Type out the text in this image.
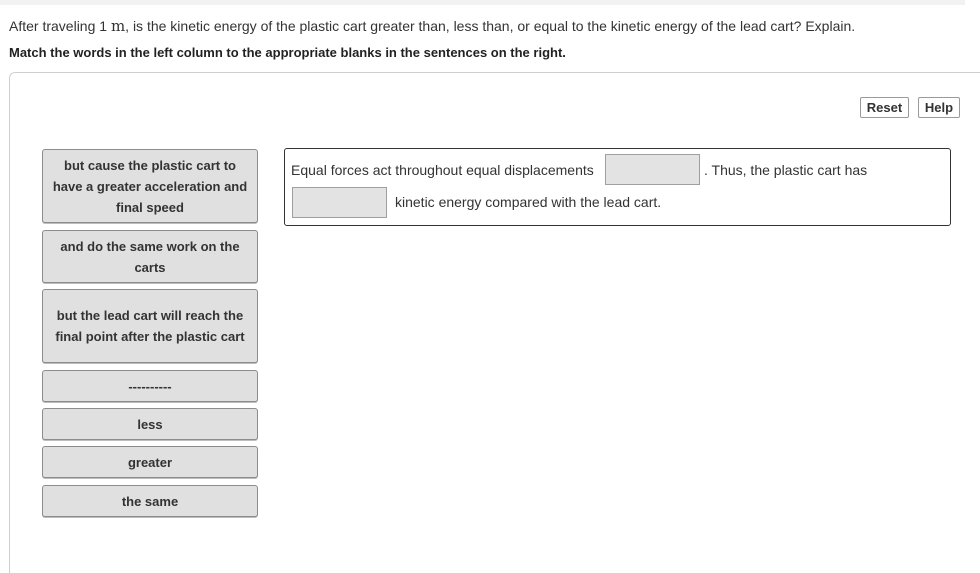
After traveling 1 m, is the kinetic energy of the plastic cart greater than, less than, or equal to the kinetic energy of the lead cart? Explain.
Match the words in the left column to the appropriate blanks in the sentences on the right.
Reset	Help
but cause the plastic cart to have a greater acceleration and final speed
and do the same work on the carts
but the lead cart will reach the final point after the plastic cart
----------
less
greater
the same
Equal forces act throughout equal displacements	. Thus, the plastic cart has
kinetic energy compared with the lead cart.
